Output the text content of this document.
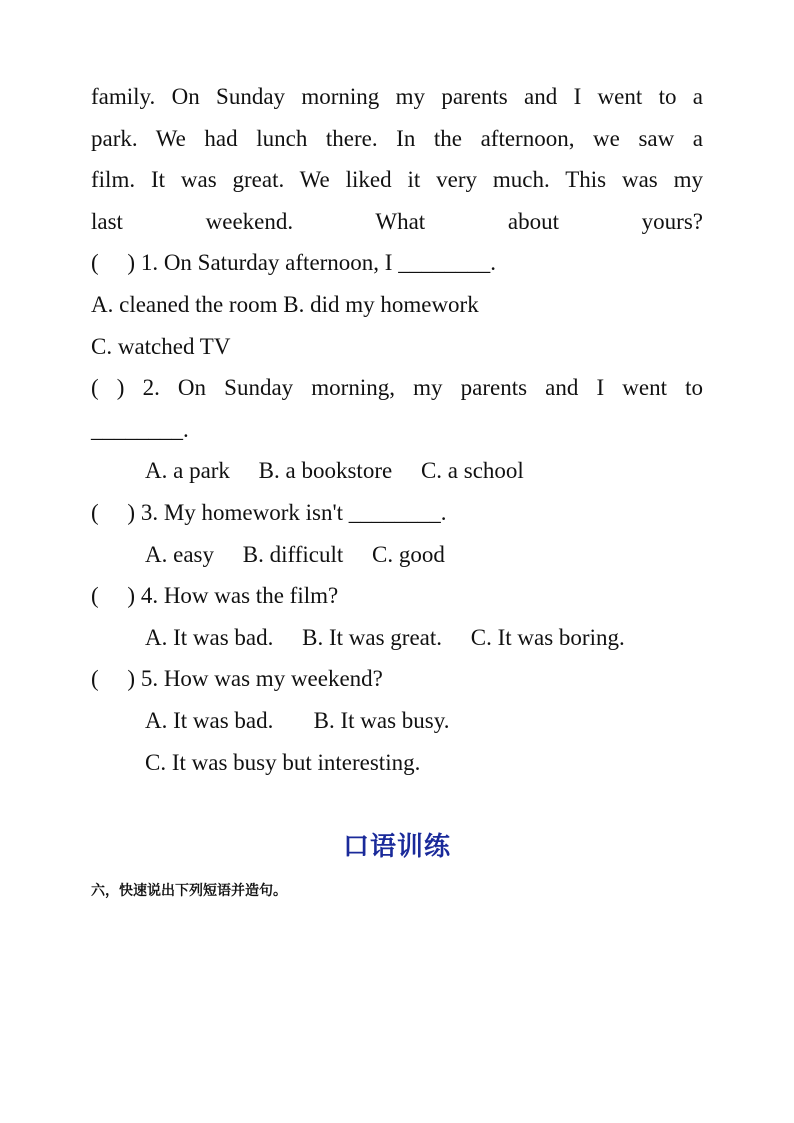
family. On Sunday morning my parents and I went to a
park. We had lunch there. In the afternoon, we saw a
film. It was great. We liked it very much. This was my
last weekend. What about yours?
(     ) 1. On Saturday afternoon, I ________.
A. cleaned the room B. did my homework
C. watched TV
( ) 2. On Sunday morning, my parents and I went to
________.
A. a park     B. a bookstore     C. a school
(     ) 3. My homework isn't ________.
A. easy     B. difficult     C. good
(     ) 4. How was the film?
A. It was bad.     B. It was great.     C. It was boring.
(     ) 5. How was my weekend?
A. It was bad.       B. It was busy.
C. It was busy but interesting.
口语训练
六，快速说出下列短语并造句。
